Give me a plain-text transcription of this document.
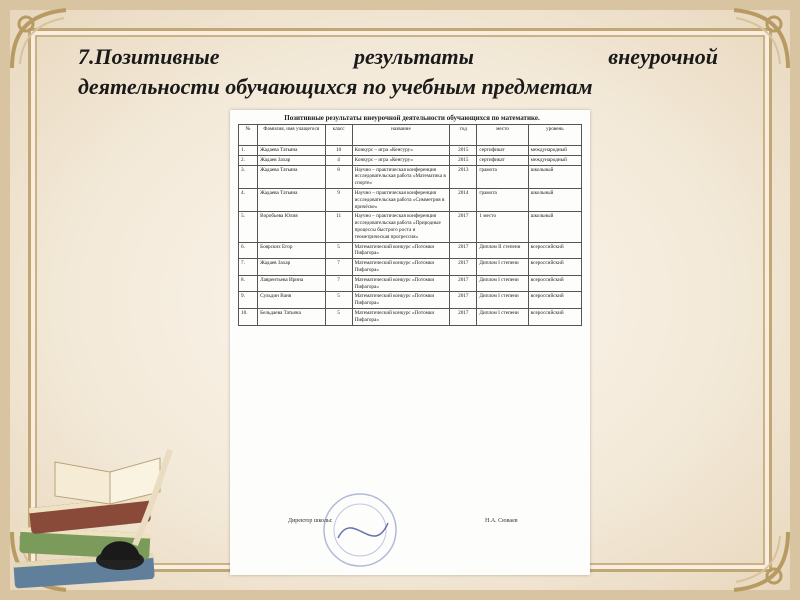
7.Позитивные	результаты	внеурочной
деятельности обучающихся по учебным предметам
Позитивные результаты внеурочной деятельности обучающихся по математике.
№	Фамилия, имя учащегося	класс	название	год	место	уровень
1.	Жадаева Татьяна	10	Конкурс – игра «Кенгуру»	2015	сертификат	международный
2.	Жадаев Захар	4	Конкурс – игра «Кенгуру»	2015	сертификат	международный
3.	Жадаева Татьяна	8	Научно – практическая конференция исследовательская работа «Математика в спорте»	2013	грамота	школьный
4.	Жадаева Татьяна	9	Научно – практическая конференция исследовательская работа «Симметрия в причёске»	2014	грамота	школьный
5.	Воробьева Юлия	11	Научно – практическая конференция исследовательская работа «Природные процессы быстрого роста и геометрическая прогрессия»	2017	1 место	школьный
6.	Боярских Егор	5	Математический конкурс «Потомки Пифагора»	2017	Диплом II степени	всероссийский
7.	Жадаев Захар	7	Математический конкурс «Потомки Пифагора»	2017	Диплом I степени	всероссийский
8.	Лаврентьева Ирина	7	Математический конкурс «Потомки Пифагора»	2017	Диплом I степени	всероссийский
9.	Сульдин Ваня	5	Математический конкурс «Потомки Пифагора»	2017	Диплом I степени	всероссийский
10.	Бельдаева Татьяна	5	Математический конкурс «Потомки Пифагора»	2017	Диплом I степени	всероссийский
Директор школы:	Н.А. Сюваев
